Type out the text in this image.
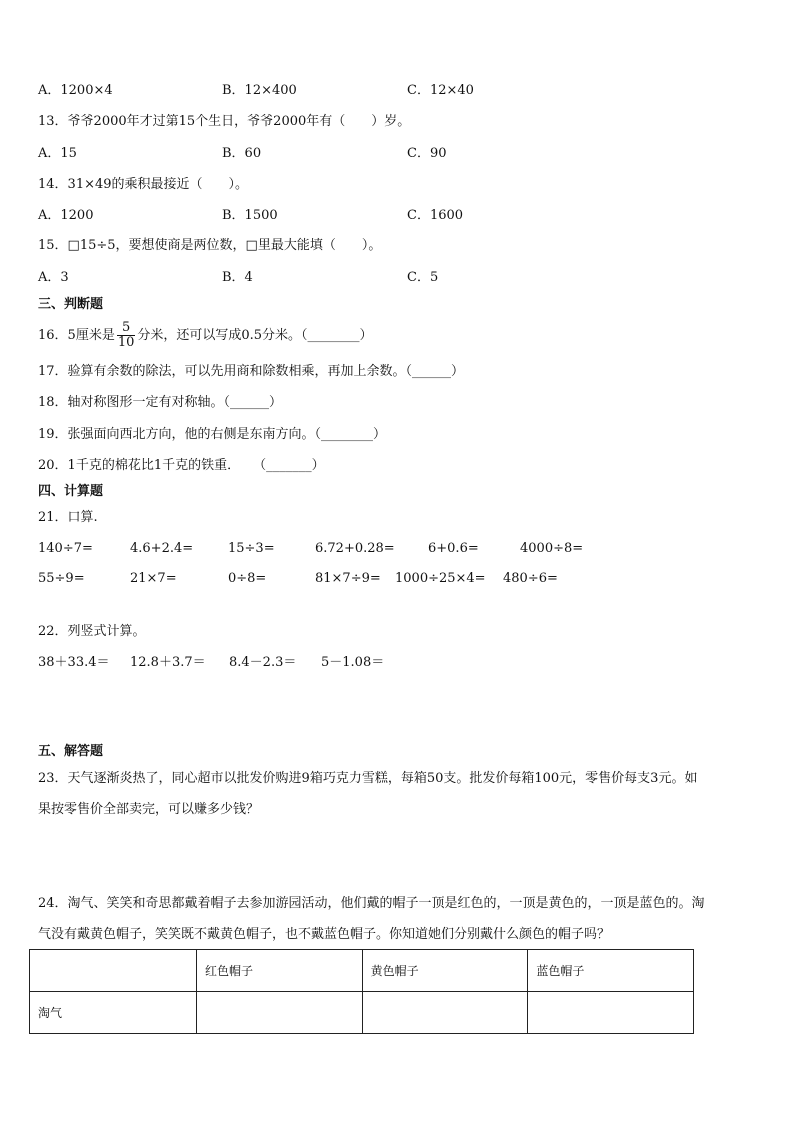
A．1200×4	B．12×400	C．12×40
13．爷爷2000年才过第15个生日，爷爷2000年有（　　）岁。
A．15	B．60	C．90
14．31×49的乘积最接近（　　）。
A．1200	B．1500	C．1600
15．□15÷5，要想使商是两位数，□里最大能填（　　）。
A．3	B．4	C．5
三、判断题
16．5厘米是 $\frac{5}{10}$ 分米，还可以写成0.5分米。（________）
17．验算有余数的除法，可以先用商和除数相乘，再加上余数。（______）
18．轴对称图形一定有对称轴。（______）
19．张强面向西北方向，他的右侧是东南方向。（________）
20．1千克的棉花比1千克的铁重．　　（_______）
四、计算题
21．口算.
140÷7=	4.6+2.4=	15÷3=	6.72+0.28=	6+0.6=	4000÷8=
55÷9=	21×7=	0÷8=	81×7÷9= 1000÷25×4= 480÷6=
22．列竖式计算。
38＋33.4＝ 12.8＋3.7＝ 8.4－2.3＝ 5－1.08＝
五、解答题
23．天气逐渐炎热了，同心超市以批发价购进9箱巧克力雪糕，每箱50支。批发价每箱100元，零售价每支3元。如
果按零售价全部卖完，可以赚多少钱？
24．淘气、笑笑和奇思都戴着帽子去参加游园活动，他们戴的帽子一顶是红色的，一顶是黄色的，一顶是蓝色的。淘
气没有戴黄色帽子，笑笑既不戴黄色帽子，也不戴蓝色帽子。你知道她们分别戴什么颜色的帽子吗？
	红色帽子	黄色帽子	蓝色帽子
淘气			
